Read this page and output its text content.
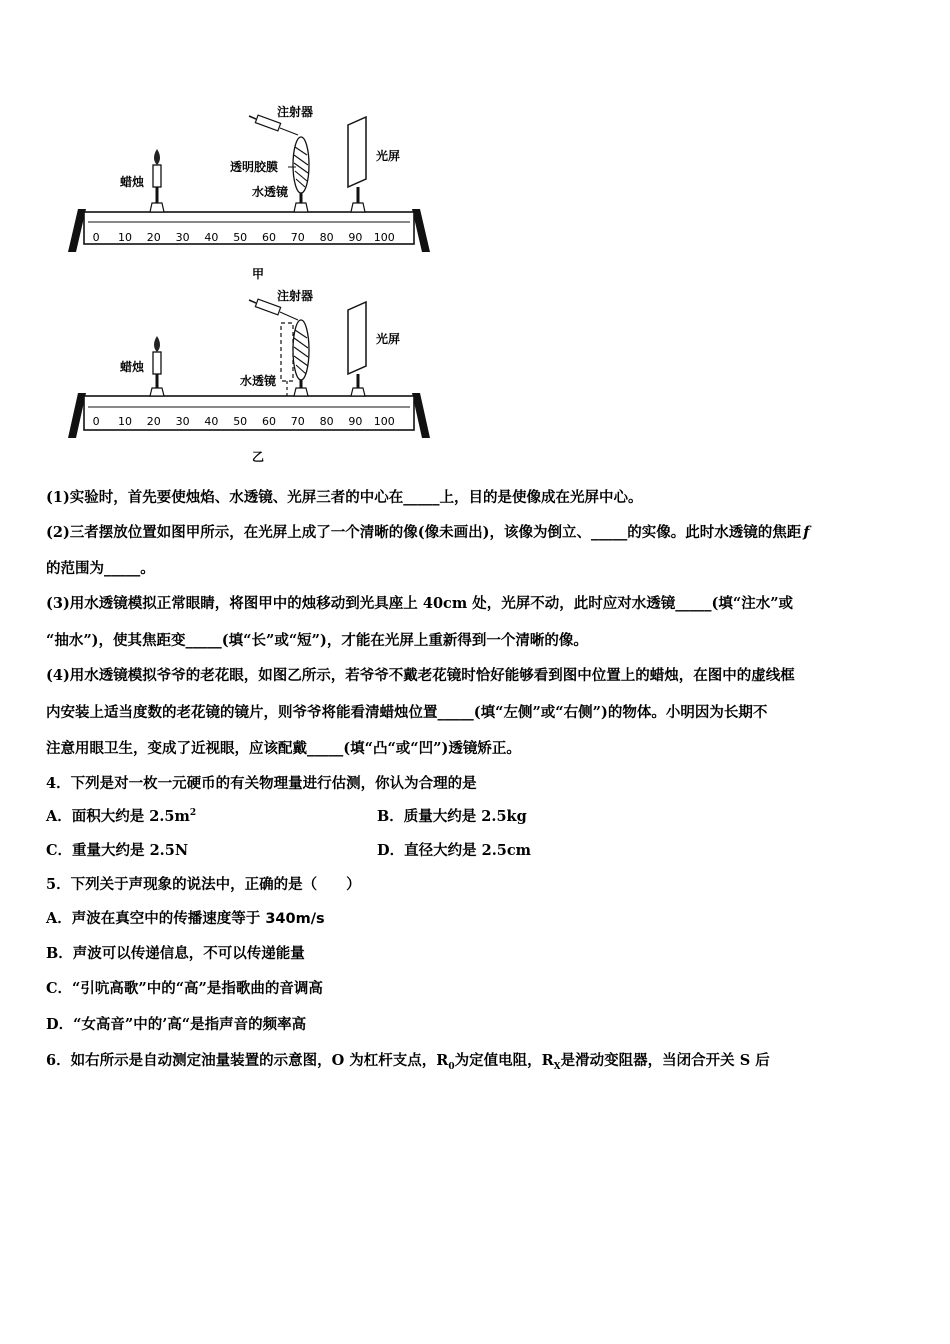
注射器
透明胶膜
蜡烛
水透镜
光屏
0 10 20 30 40 50 60 70 80 90 100
甲
注射器
蜡烛
水透镜
光屏
0 10 20 30 40 50 60 70 80 90 100
乙
(1)实验时，首先要使烛焰、水透镜、光屏三者的中心在_____上，目的是使像成在光屏中心。
(2)三者摆放位置如图甲所示，在光屏上成了一个清晰的像(像未画出)，该像为倒立、_____的实像。此时水透镜的焦距 f
的范围为_____。
(3)用水透镜模拟正常眼睛，将图甲中的烛移动到光具座上 40cm 处，光屏不动，此时应对水透镜_____(填“注水”或
“抽水”)，使其焦距变_____(填“长”或“短”)，才能在光屏上重新得到一个清晰的像。
(4)用水透镜模拟爷爷的老花眼，如图乙所示，若爷爷不戴老花镜时恰好能够看到图中位置上的蜡烛，在图中的虚线框
内安装上适当度数的老花镜的镜片，则爷爷将能看清蜡烛位置_____(填“左侧”或“右侧”)的物体。小明因为长期不
注意用眼卫生，变成了近视眼，应该配戴_____(填“凸“或“凹”)透镜矫正。
4．下列是对一枚一元硬币的有关物理量进行估测，你认为合理的是
A．面积大约是 $2.5m^2$	B．质量大约是 2.5kg
C．重量大约是 2.5N	D．直径大约是 2.5cm
5．下列关于声现象的说法中，正确的是（　　）
A．声波在真空中的传播速度等于 340m/s
B．声波可以传递信息，不可以传递能量
C．“引吭高歌”中的“高”是指歌曲的音调高
D．“女高音”中的’高“是指声音的频率高
6．如右所示是自动测定油量装置的示意图，O 为杠杆支点，$R_0$为定值电阻，$R_X$是滑动变阻器，当闭合开关 S 后
